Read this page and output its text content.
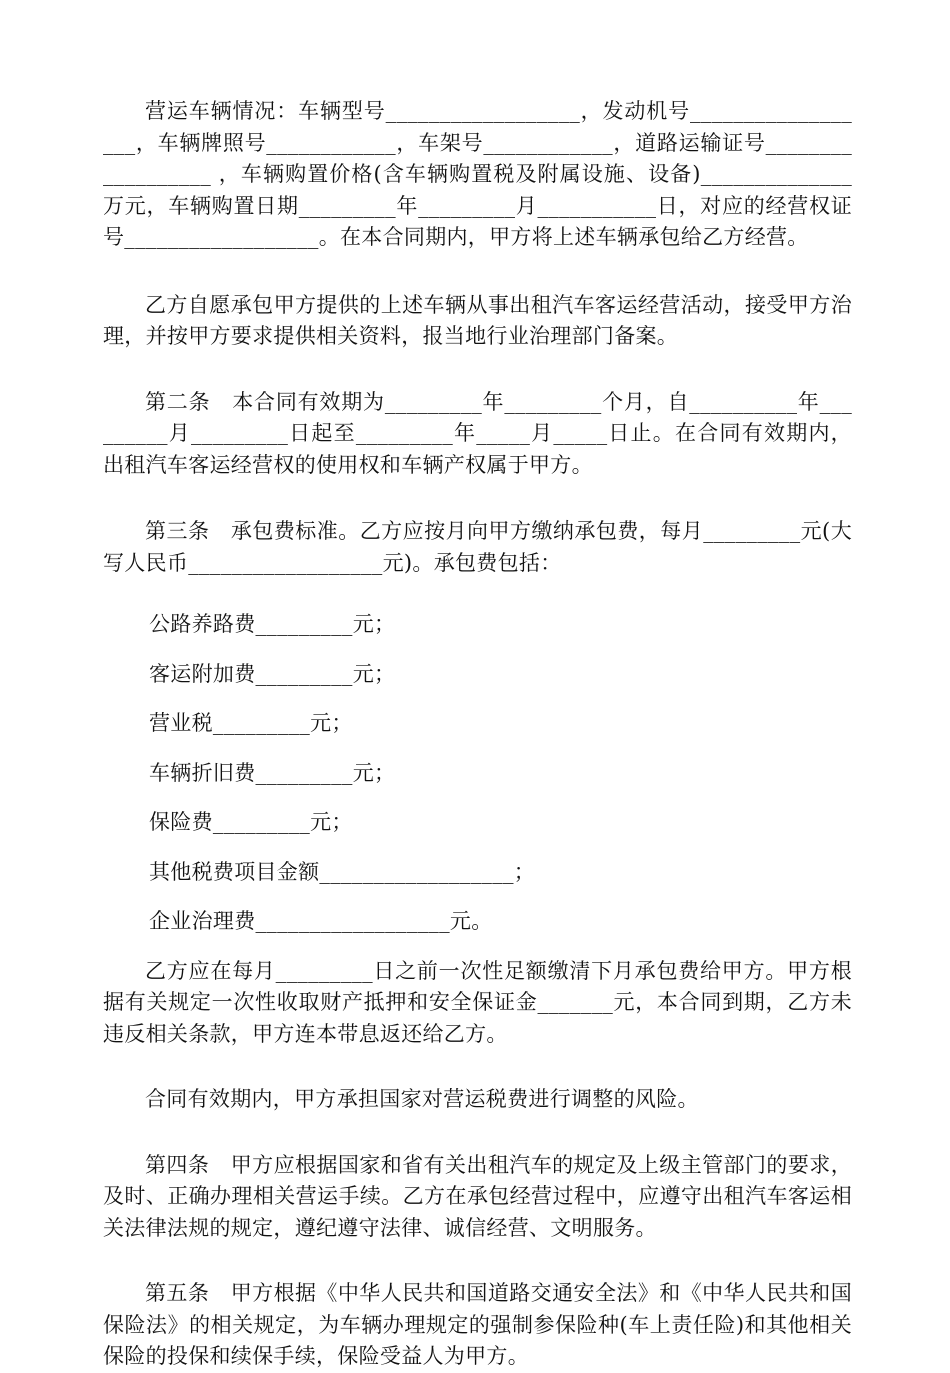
营运车辆情况：车辆型号__________________，发动机号__________________，车辆牌照号____________，车架号____________，道路运输证号__________________ ，车辆购置价格(含车辆购置税及附属设施、设备)______________万元，车辆购置日期_________年_________月___________日，对应的经营权证号__________________。在本合同期内，甲方将上述车辆承包给乙方经营。

乙方自愿承包甲方提供的上述车辆从事出租汽车客运经营活动，接受甲方治理，并按甲方要求提供相关资料，报当地行业治理部门备案。

第二条　本合同有效期为_________年_________个月，自__________年_________月_________日起至_________年_____月_____日止。在合同有效期内，出租汽车客运经营权的使用权和车辆产权属于甲方。

第三条　承包费标准。乙方应按月向甲方缴纳承包费，每月_________元(大写人民币__________________元)。承包费包括：

公路养路费_________元；

客运附加费_________元；

营业税_________元；

车辆折旧费_________元；

保险费_________元；

其他税费项目金额__________________；

企业治理费__________________元。

乙方应在每月_________日之前一次性足额缴清下月承包费给甲方。甲方根据有关规定一次性收取财产抵押和安全保证金_______元，本合同到期，乙方未违反相关条款，甲方连本带息返还给乙方。

合同有效期内，甲方承担国家对营运税费进行调整的风险。

第四条　甲方应根据国家和省有关出租汽车的规定及上级主管部门的要求，及时、正确办理相关营运手续。乙方在承包经营过程中，应遵守出租汽车客运相关法律法规的规定，遵纪遵守法律、诚信经营、文明服务。

第五条　甲方根据《中华人民共和国道路交通安全法》和《中华人民共和国保险法》的相关规定，为车辆办理规定的强制参保险种(车上责任险)和其他相关保险的投保和续保手续，保险受益人为甲方。
